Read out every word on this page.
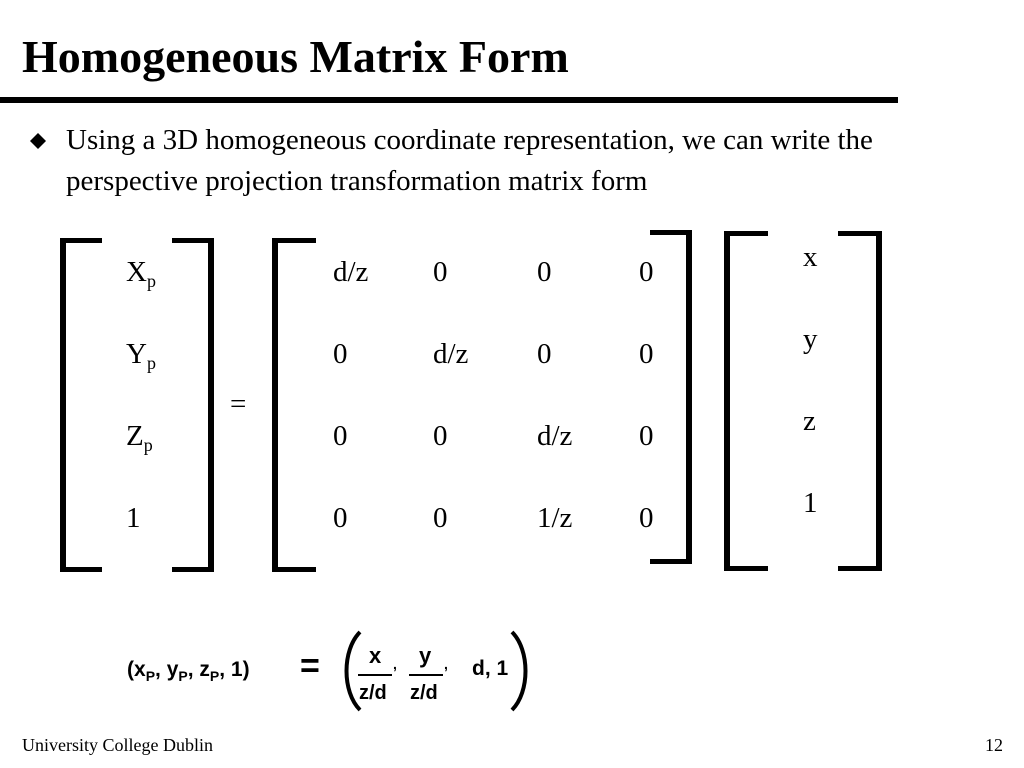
Homogeneous Matrix Form
Using a 3D homogeneous coordinate representation, we can write the perspective projection transformation matrix form
$X_p$
$Y_p$
$Z_p$
1
=
d/z 0	0	0
0	d/z 0	0
0	0	d/z 0
0	0	1/z 0
x
y
z
1
($x_P$, $y_P$, $z_P$, 1) = x
z/d
, y
z/d
, d, 1
University College Dublin	12
